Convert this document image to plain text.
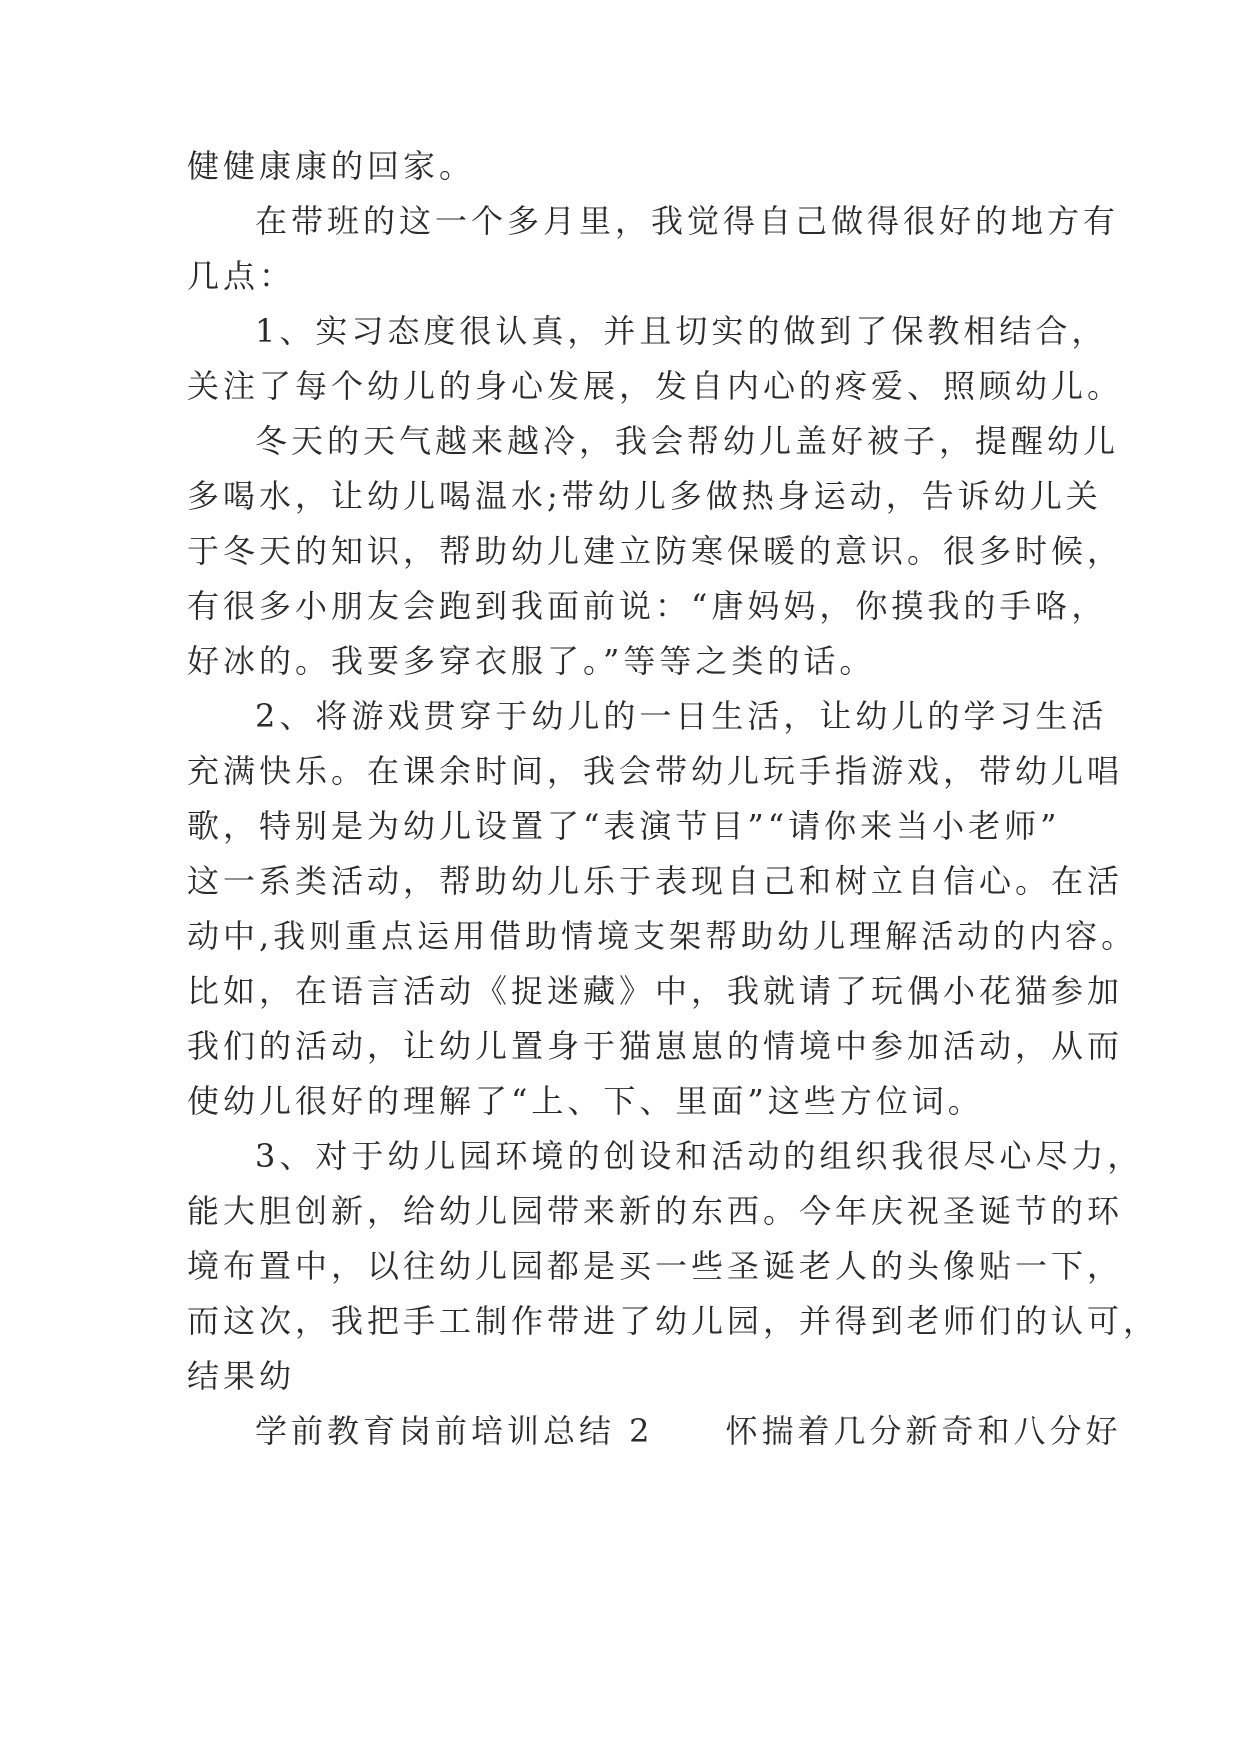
健健康康的回家。
在带班的这一个多月里，我觉得自己做得很好的地方有
几点：
1、实习态度很认真，并且切实的做到了保教相结合，
关注了每个幼儿的身心发展，发自内心的疼爱、照顾幼儿。
冬天的天气越来越冷，我会帮幼儿盖好被子，提醒幼儿
多喝水，让幼儿喝温水;带幼儿多做热身运动，告诉幼儿关
于冬天的知识，帮助幼儿建立防寒保暖的意识。很多时候，
有很多小朋友会跑到我面前说：“唐妈妈，你摸我的手咯，
好冰的。我要多穿衣服了。”等等之类的话。
2、将游戏贯穿于幼儿的一日生活，让幼儿的学习生活
充满快乐。在课余时间，我会带幼儿玩手指游戏，带幼儿唱
歌，特别是为幼儿设置了“表演节目”“请你来当小老师”
这一系类活动，帮助幼儿乐于表现自己和树立自信心。在活
动中,我则重点运用借助情境支架帮助幼儿理解活动的内容。
比如，在语言活动《捉迷藏》中，我就请了玩偶小花猫参加
我们的活动，让幼儿置身于猫崽崽的情境中参加活动，从而
使幼儿很好的理解了“上、下、里面”这些方位词。
3、对于幼儿园环境的创设和活动的组织我很尽心尽力，
能大胆创新，给幼儿园带来新的东西。今年庆祝圣诞节的环
境布置中，以往幼儿园都是买一些圣诞老人的头像贴一下，
而这次，我把手工制作带进了幼儿园，并得到老师们的认可，
结果幼
学前教育岗前培训总结 2　　怀揣着几分新奇和八分好
